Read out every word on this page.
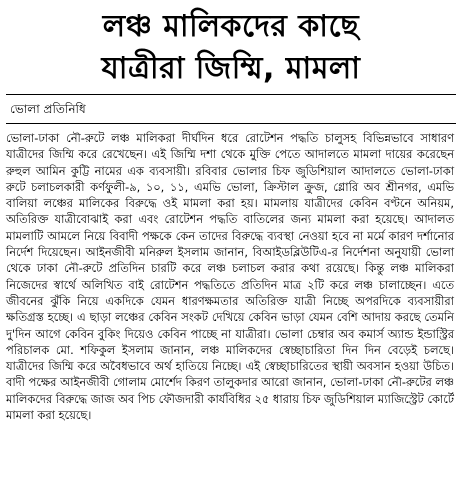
লঞ্চ মালিকদের কাছে
যাত্রীরা জিম্মি, মামলা
ভোলা প্রতিনিধি

ভোলা-ঢাকা নৌ-রুটে লঞ্চ মালিকরা দীর্ঘদিন ধরে রোটেশন পদ্ধতি চালুসহ বিভিন্নভাবে সাধারণ যাত্রীদের জিম্মি করে রেখেছেন। এই জিম্মি দশা থেকে মুক্তি পেতে আদালতে মামলা দায়ের করেছেন রুহুল আমিন কুট্টি নামের এক ব্যবসায়ী। রবিবার ভোলার চিফ জুডিশিয়াল আদালতে ভোলা-ঢাকা রুটে চলাচলকারী কর্ণফুলী-৯, ১০, ১১, এমভি ভোলা, ক্রিস্টাল ক্রুজ, গ্লোরি অব শ্রীনগর, এমভি বালিয়া লঞ্চের মালিকের বিরুদ্ধে ওই মামলা করা হয়। মামলায় যাত্রীদের কেবিন বণ্টনে অনিয়ম, অতিরিক্ত যাত্রীবোঝাই করা এবং রোটেশন পদ্ধতি বাতিলের জন্য মামলা করা হয়েছে। আদালত মামলাটি আমলে নিয়ে বিবাদী পক্ষকে কেন তাদের বিরুদ্ধে ব্যবস্থা নেওয়া হবে না মর্মে কারণ দর্শানোর নির্দেশ দিয়েছেন। আইনজীবী মনিরুল ইসলাম জানান, বিআইডব্লিউটিএ-র নির্দেশনা অনুযায়ী ভোলা থেকে ঢাকা নৌ-রুটে প্রতিদিন চারটি করে লঞ্চ চলাচল করার কথা রয়েছে। কিন্তু লঞ্চ মালিকরা নিজেদের স্বার্থে অলিখিত বাই রোটেশন পদ্ধতিতে প্রতিদিন মাত্র ২টি করে লঞ্চ চালাচ্ছেন। এতে জীবনের ঝুঁকি নিয়ে একদিকে যেমন ধারণক্ষমতার অতিরিক্ত যাত্রী নিচ্ছে অপরদিকে ব্যবসায়ীরা ক্ষতিগ্রস্ত হচ্ছে। এ ছাড়া লঞ্চের কেবিন সংকট দেখিয়ে কেবিন ভাড়া যেমন বেশি আদায় করছে তেমনি দু'দিন আগে কেবিন বুকিং দিয়েও কেবিন পাচ্ছে না যাত্রীরা। ভোলা চেম্বার অব কমার্স অ্যান্ড ইন্ডাস্ট্রির পরিচালক মো. শফিকুল ইসলাম জানান, লঞ্চ মালিকদের স্বেচ্ছাচারিতা দিন দিন বেড়েই চলছে। যাত্রীদের জিম্মি করে অবৈধভাবে অর্থ হাতিয়ে নিচ্ছে। এই স্বেচ্ছাচারিতের স্থায়ী অবসান হওয়া উচিত। বাদী পক্ষের আইনজীবী গোলাম মোর্শেদ কিরণ তালুকদার আরো জানান, ভোলা-ঢাকা নৌ-রুটের লঞ্চ মালিকদের বিরুদ্ধে জাজ অব পিচ ফৌজদারী কার্যবিধির ২৫ ধারায় চিফ জুডিশিয়াল ম্যাজিস্ট্রেট কোর্টে মামলা করা হয়েছে।
